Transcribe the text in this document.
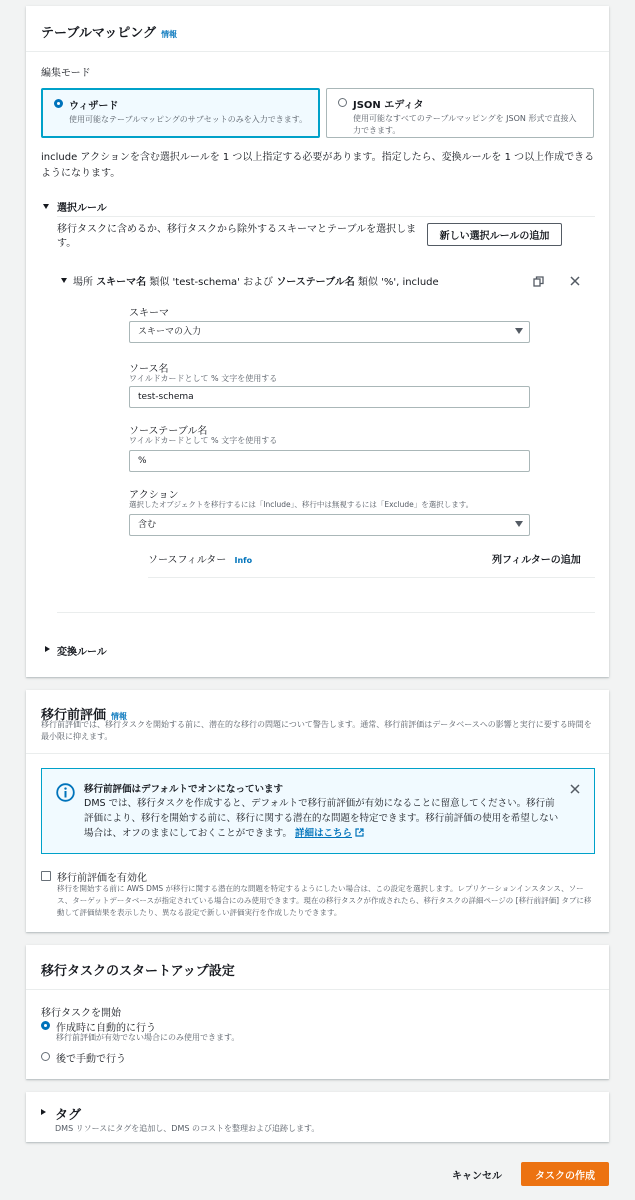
テーブルマッピング 情報
編集モード
ウィザード
使用可能なテーブルマッピングのサブセットのみを入力できます。
JSON エディタ
使用可能なすべてのテーブルマッピングを JSON 形式で直接入力できます。
include アクションを含む選択ルールを 1 つ以上指定する必要があります。指定したら、変換ルールを 1 つ以上作成できるようになります。
選択ルール
移行タスクに含めるか、移行タスクから除外するスキーマとテーブルを選択します。
新しい選択ルールの追加
場所 スキーマ名 類似 'test-schema' および ソーステーブル名 類似 '%', include
スキーマ
スキーマの入力
ソース名
ワイルドカードとして % 文字を使用する
test-schema
ソーステーブル名
ワイルドカードとして % 文字を使用する
%
アクション
選択したオブジェクトを移行するには「Include」、移行中は無視するには「Exclude」を選択します。
含む
ソースフィルター Info	列フィルターの追加
変換ルール
移行前評価 情報
移行前評価では、移行タスクを開始する前に、潜在的な移行の問題について警告します。通常、移行前評価はデータベースへの影響と実行に要する時間を最小限に抑えます。
移行前評価はデフォルトでオンになっています
DMS では、移行タスクを作成すると、デフォルトで移行前評価が有効になることに留意してください。移行前評価により、移行を開始する前に、移行に関する潜在的な問題を特定できます。移行前評価の使用を希望しない場合は、オフのままにしておくことができます。 詳細はこちら
移行前評価を有効化
移行を開始する前に AWS DMS が移行に関する潜在的な問題を特定するようにしたい場合は、この設定を選択します。レプリケーションインスタンス、ソース、ターゲットデータベースが指定されている場合にのみ使用できます。現在の移行タスクが作成されたら、移行タスクの詳細ページの [移行前評価] タブに移動して評価結果を表示したり、異なる設定で新しい評価実行を作成したりできます。
移行タスクのスタートアップ設定
移行タスクを開始
作成時に自動的に行う
移行前評価が有効でない場合にのみ使用できます。
後で手動で行う
タグ
DMS リソースにタグを追加し、DMS のコストを整理および追跡します。
キャンセル	タスクの作成
